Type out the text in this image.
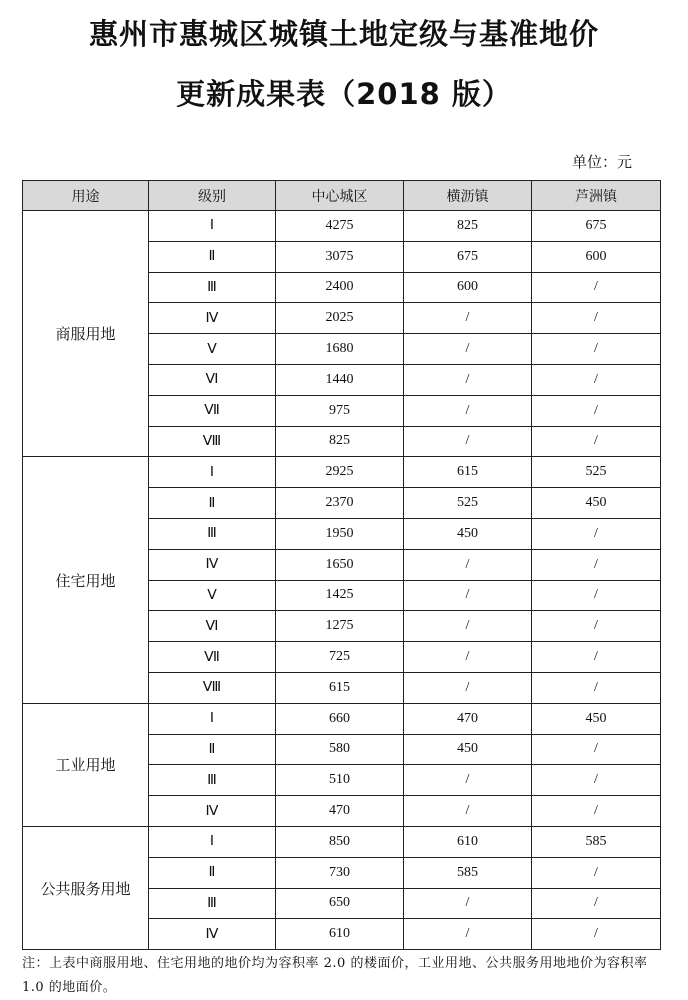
惠州市惠城区城镇土地定级与基准地价
更新成果表（2018 版）
单位：元
用途	级别	中心城区	横沥镇	芦洲镇
商服用地	Ⅰ	4275	825	675
	Ⅱ	3075	675	600
	Ⅲ	2400	600	/
	Ⅳ	2025	/	/
	Ⅴ	1680	/	/
	Ⅵ	1440	/	/
	Ⅶ	975	/	/
	Ⅷ	825	/	/
住宅用地	Ⅰ	2925	615	525
	Ⅱ	2370	525	450
	Ⅲ	1950	450	/
	Ⅳ	1650	/	/
	Ⅴ	1425	/	/
	Ⅵ	1275	/	/
	Ⅶ	725	/	/
	Ⅷ	615	/	/
工业用地	Ⅰ	660	470	450
	Ⅱ	580	450	/
	Ⅲ	510	/	/
	Ⅳ	470	/	/
公共服务用地	Ⅰ	850	610	585
	Ⅱ	730	585	/
	Ⅲ	650	/	/
	Ⅳ	610	/	/
注：上表中商服用地、住宅用地的地价均为容积率 2.0 的楼面价，工业用地、公共服务用地地价为容积率 1.0 的地面价。
